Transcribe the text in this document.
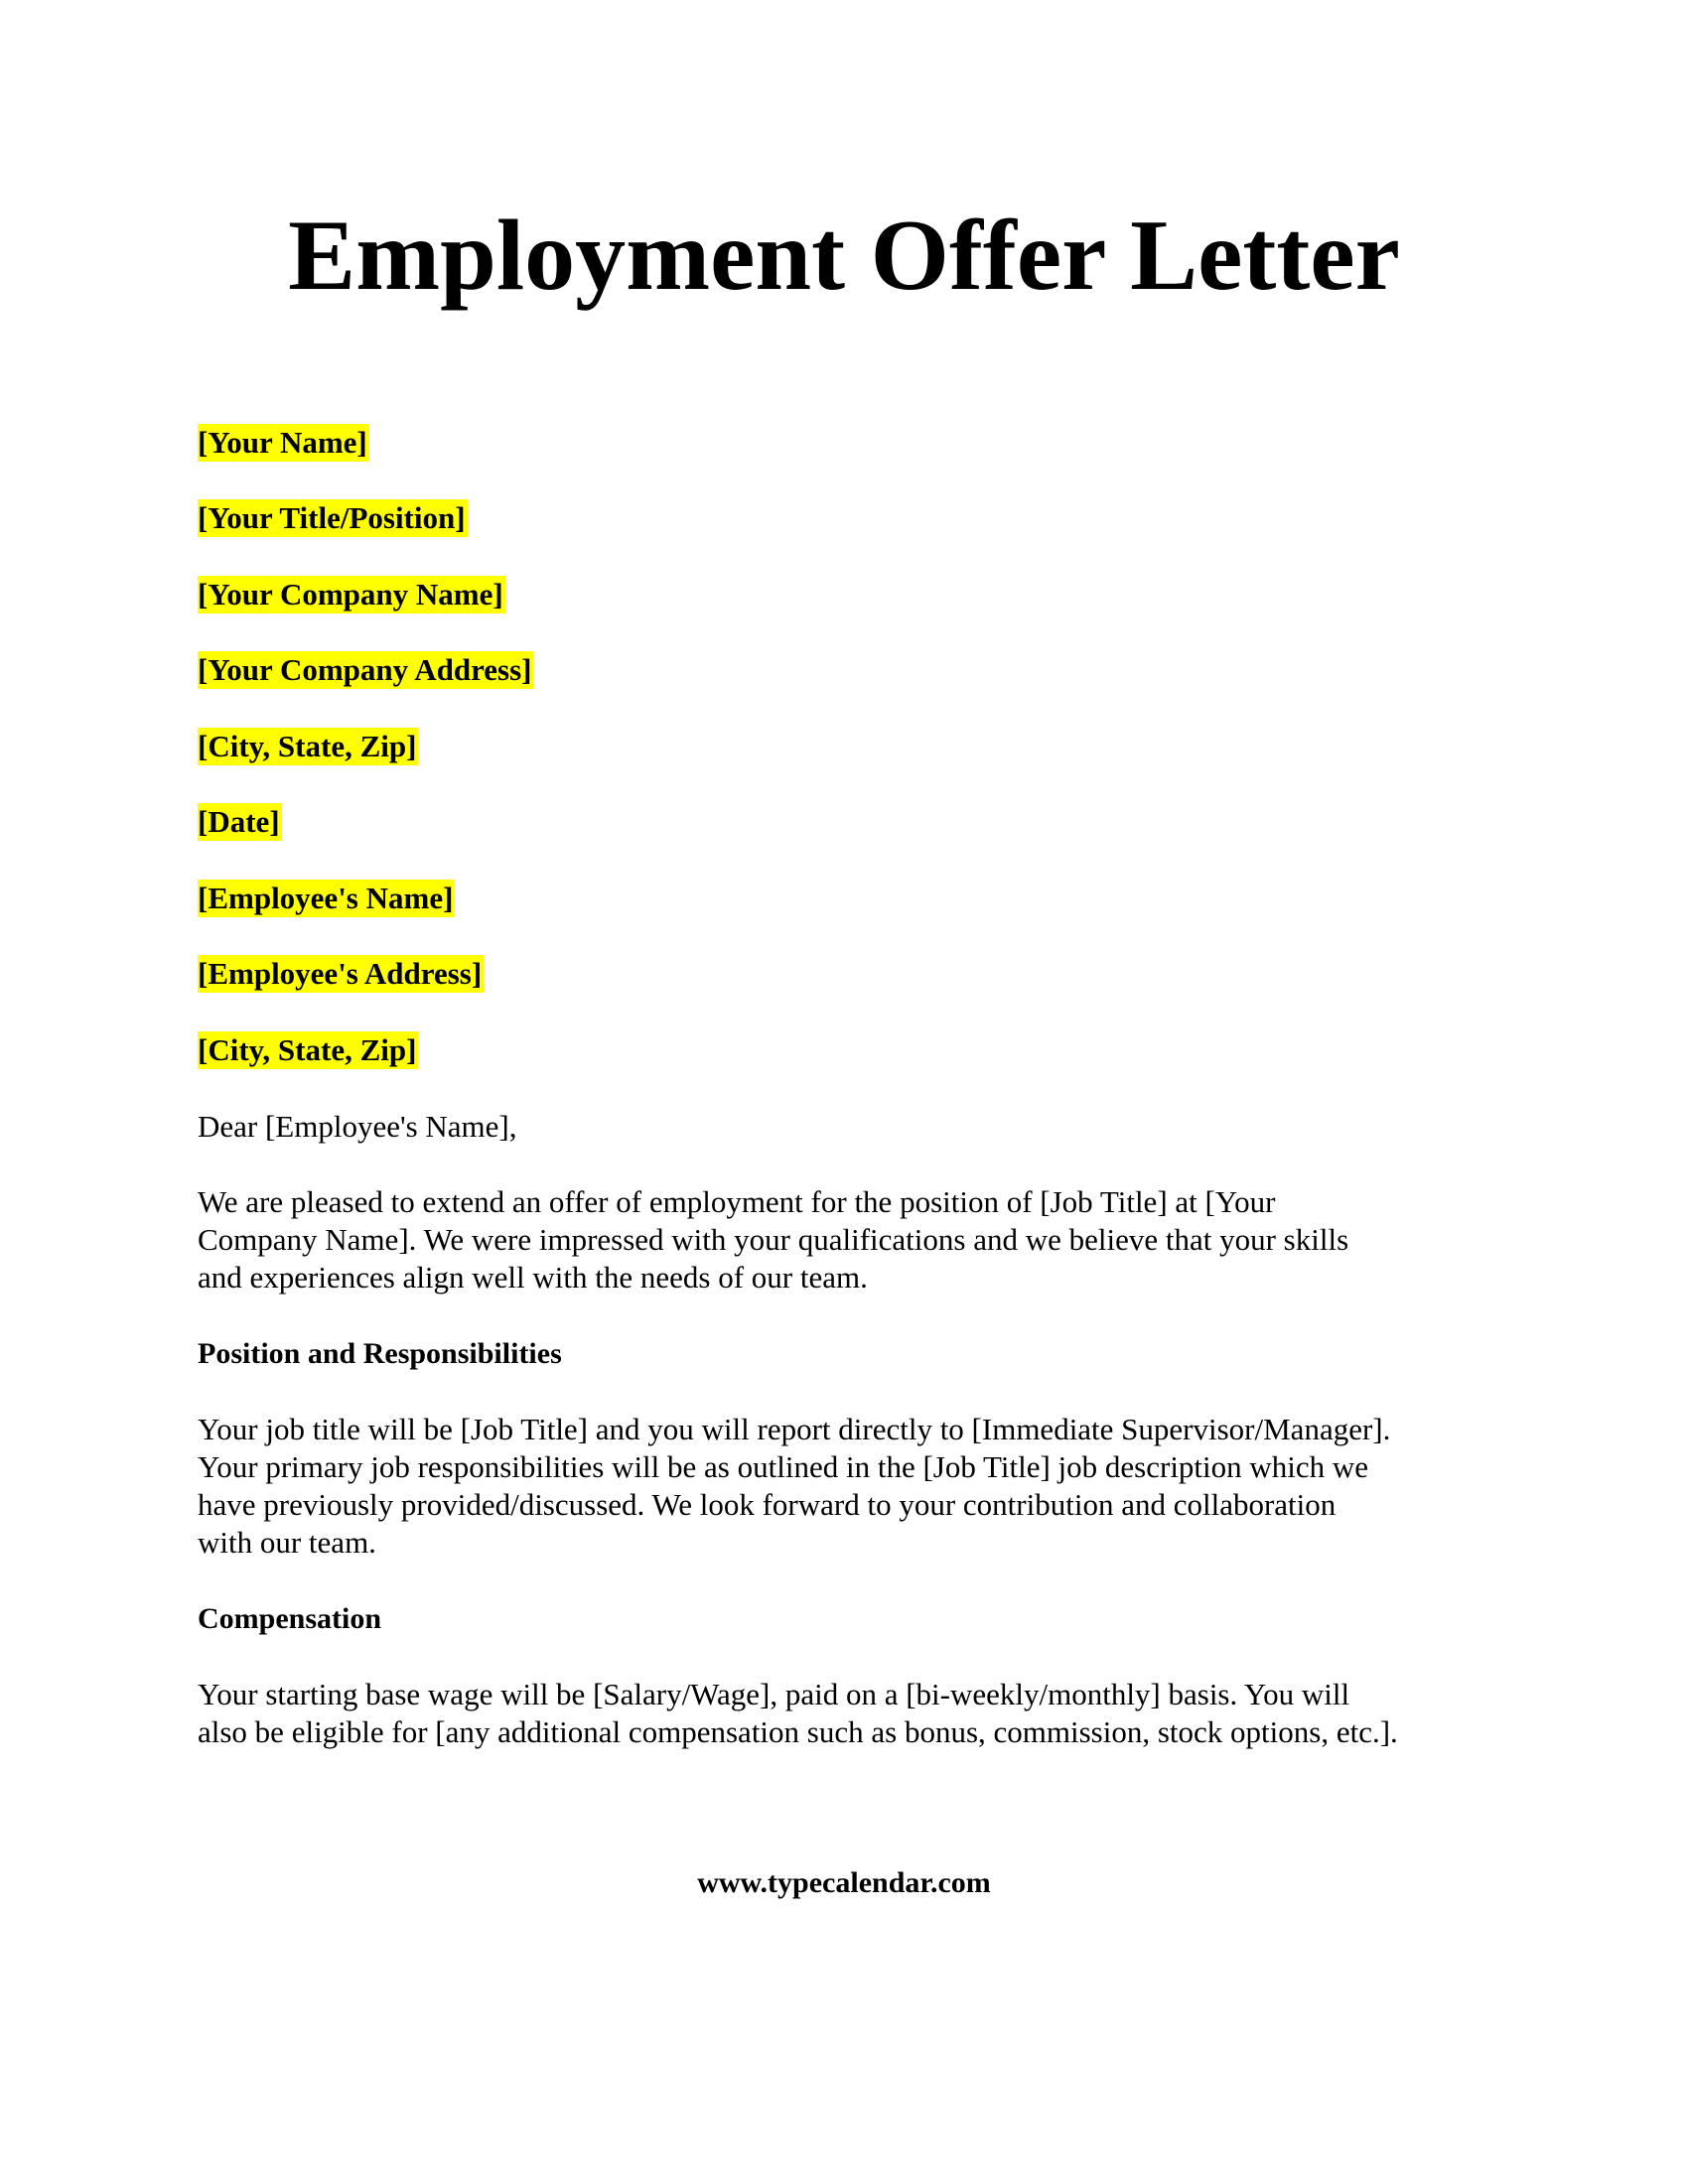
Employment Offer Letter
[Your Name]
[Your Title/Position]
[Your Company Name]
[Your Company Address]
[City, State, Zip]
[Date]
[Employee's Name]
[Employee's Address]
[City, State, Zip]
Dear [Employee's Name],
We are pleased to extend an offer of employment for the position of [Job Title] at [Your
Company Name]. We were impressed with your qualifications and we believe that your skills
and experiences align well with the needs of our team.
Position and Responsibilities
Your job title will be [Job Title] and you will report directly to [Immediate Supervisor/Manager].
Your primary job responsibilities will be as outlined in the [Job Title] job description which we
have previously provided/discussed. We look forward to your contribution and collaboration
with our team.
Compensation
Your starting base wage will be [Salary/Wage], paid on a [bi-weekly/monthly] basis. You will
also be eligible for [any additional compensation such as bonus, commission, stock options, etc.].
www.typecalendar.com
